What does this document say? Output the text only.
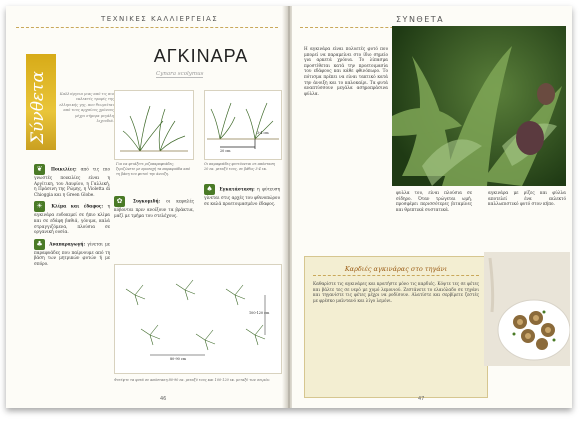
ΤΕΧΝΙΚΕΣ ΚΑΛΛΙΕΡΓΕΙΑΣ
Σύνθετα	Καλλιέργεια μιας από τις πιο εκλεκτές τροφές της ελληνικής γης, που θεωρείται από τους αρχαίους χρόνους μέχρι σήμερα μεγάλη λιχουδιά.
ΑΓΚΙΝΑΡΑ
Cynara scolymus
Για να φτιάξετε ριζοπαραφυάδες, ξεριζώνετε με προσοχή τα παραφυάδα από τη βάση του φυτού την άνοιξη.
20 cm
3-4 cm
Οι παραφυάδες φυτεύονται σε απόσταση 20 εκ. μεταξύ τους, σε βάθος 3-4 εκ.
❦ Ποικιλίες: από τις πιο γνωστές ποικιλίες είναι η Αργίτικη, του Λαυρίου, η Γαλλική, η Πράσινη της Ρώμης, η Violetta di Chioggia και η Green Globe.
☀ Κλίμα και έδαφος: η αγκινάρα ευδοκιμεί σε ήπιο κλίμα και σε εδάφη βαθιά, γόνιμα, καλά στραγγιζόμενα, πλούσια σε οργανική ουσία.
♣ Αναπαραγωγή: γίνεται με παραφυάδες που παίρνουμε από τη βάση των μητρικών φυτών ή με σπόρο.
✿	Συγκομιδή: οι κεφαλές κόβονται πριν ανοίξουν τα βράκτια, μαζί με τμήμα του στελέχους.
♠ Εγκατάσταση: η φύτευση γίνεται στις αρχές του φθινοπώρου σε καλά προετοιμασμένο έδαφος.
80-90 cm
100-120 cm
Φυτέψτε τα φυτά σε απόσταση 80-90 εκ. μεταξύ τους και 100-120 εκ. μεταξύ των σειρών.
46
ΣΥΝΘΕΤΑ
Η αγκινάρα είναι πολυετές φυτό που μπορεί να παραμείνει στο ίδιο σημείο για αρκετά χρόνια. Το λίπασμα προστίθεται κατά την προετοιμασία του εδάφους και κάθε φθινόπωρο. Το πότισμα πρέπει να είναι τακτικό κατά την άνοιξη και το καλοκαίρι. Τα φυτά αναπτύσσουν μεγάλα ασημοπράσινα φύλλα.
φυλλα του, είναι πλούσια σε σίδηρο. Όταν τρώγεται ωμή, προσφέρει περισσότερες βιταμίνες και θρεπτικά συστατικά.
αγκινάρα με ρίζες και φύλλα αποτελεί ένα εκλεκτό καλλωπιστικό φυτό στον κήπο.
Καρδιές αγκινάρας στο τηγάνι
Καθαρίστε τις αγκινάρες και κρατήστε μόνο τις καρδιές. Κόψτε τες σε φέτες και βάλτε τες σε νερό με χυμό λεμονιού. Ζεστάνετε το ελαιόλαδο σε τηγάνι και τηγανίστε τις φέτες μέχρι να ροδίσουν. Αλατίστε και σερβίρετε ζεστές με φρέσκο μαϊντανό και λίγο λεμόνι.
47
